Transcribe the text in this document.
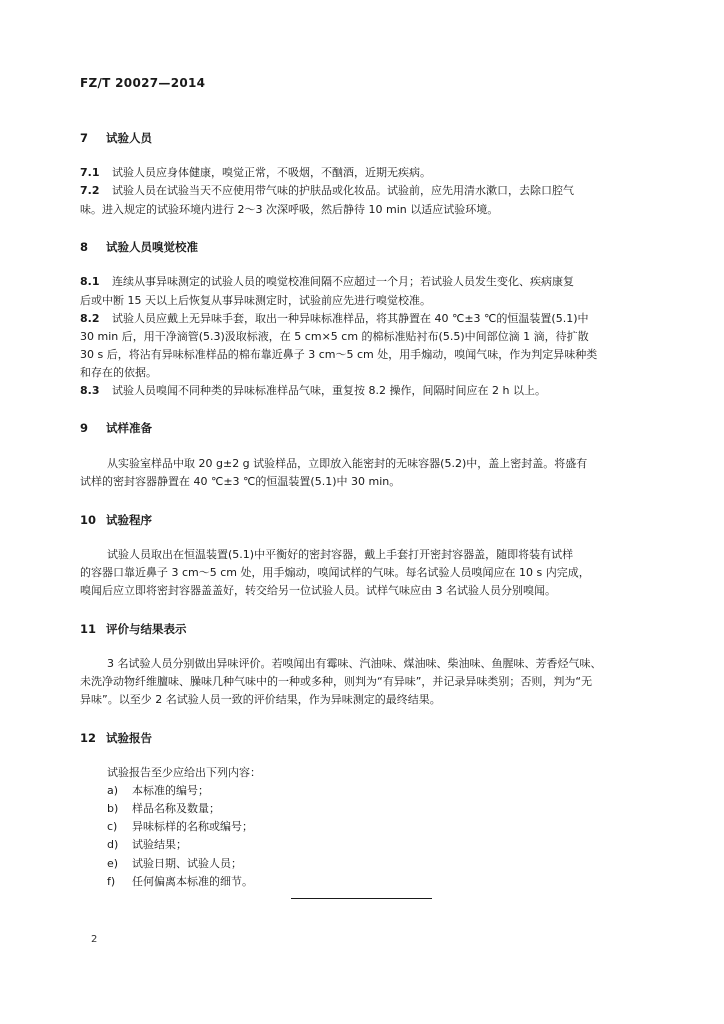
FZ/T 20027—2014
7 试验人员
7.1 试验人员应身体健康，嗅觉正常，不吸烟，不酗酒，近期无疾病。
7.2 试验人员在试验当天不应使用带气味的护肤品或化妆品。试验前，应先用清水漱口，去除口腔气
味。进入规定的试验环境内进行 2～3 次深呼吸，然后静待 10 min 以适应试验环境。
8 试验人员嗅觉校准
8.1 连续从事异味测定的试验人员的嗅觉校准间隔不应超过一个月；若试验人员发生变化、疾病康复
后或中断 15 天以上后恢复从事异味测定时，试验前应先进行嗅觉校准。
8.2 试验人员应戴上无异味手套，取出一种异味标准样品，将其静置在 40 ℃±3 ℃的恒温装置(5.1)中
30 min 后，用干净滴管(5.3)汲取标液，在 5 cm×5 cm 的棉标准贴衬布(5.5)中间部位滴 1 滴，待扩散
30 s 后，将沾有异味标准样品的棉布靠近鼻子 3 cm～5 cm 处，用手煽动，嗅闻气味，作为判定异味种类
和存在的依据。
8.3 试验人员嗅闻不同种类的异味标准样品气味，重复按 8.2 操作，间隔时间应在 2 h 以上。
9 试样准备
从实验室样品中取 20 g±2 g 试验样品，立即放入能密封的无味容器(5.2)中，盖上密封盖。将盛有
试样的密封容器静置在 40 ℃±3 ℃的恒温装置(5.1)中 30 min。
10 试验程序
试验人员取出在恒温装置(5.1)中平衡好的密封容器，戴上手套打开密封容器盖，随即将装有试样
的容器口靠近鼻子 3 cm～5 cm 处，用手煽动，嗅闻试样的气味。每名试验人员嗅闻应在 10 s 内完成，
嗅闻后应立即将密封容器盖盖好，转交给另一位试验人员。试样气味应由 3 名试验人员分别嗅闻。
11 评价与结果表示
3 名试验人员分别做出异味评价。若嗅闻出有霉味、汽油味、煤油味、柴油味、鱼腥味、芳香烃气味、
未洗净动物纤维膻味、臊味几种气味中的一种或多种，则判为“有异味”，并记录异味类别；否则，判为“无
异味”。以至少 2 名试验人员一致的评价结果，作为异味测定的最终结果。
12 试验报告
试验报告至少应给出下列内容：
a) 本标准的编号；
b) 样品名称及数量；
c) 异味标样的名称或编号；
d) 试验结果；
e) 试验日期、试验人员；
f) 任何偏离本标准的细节。
2
